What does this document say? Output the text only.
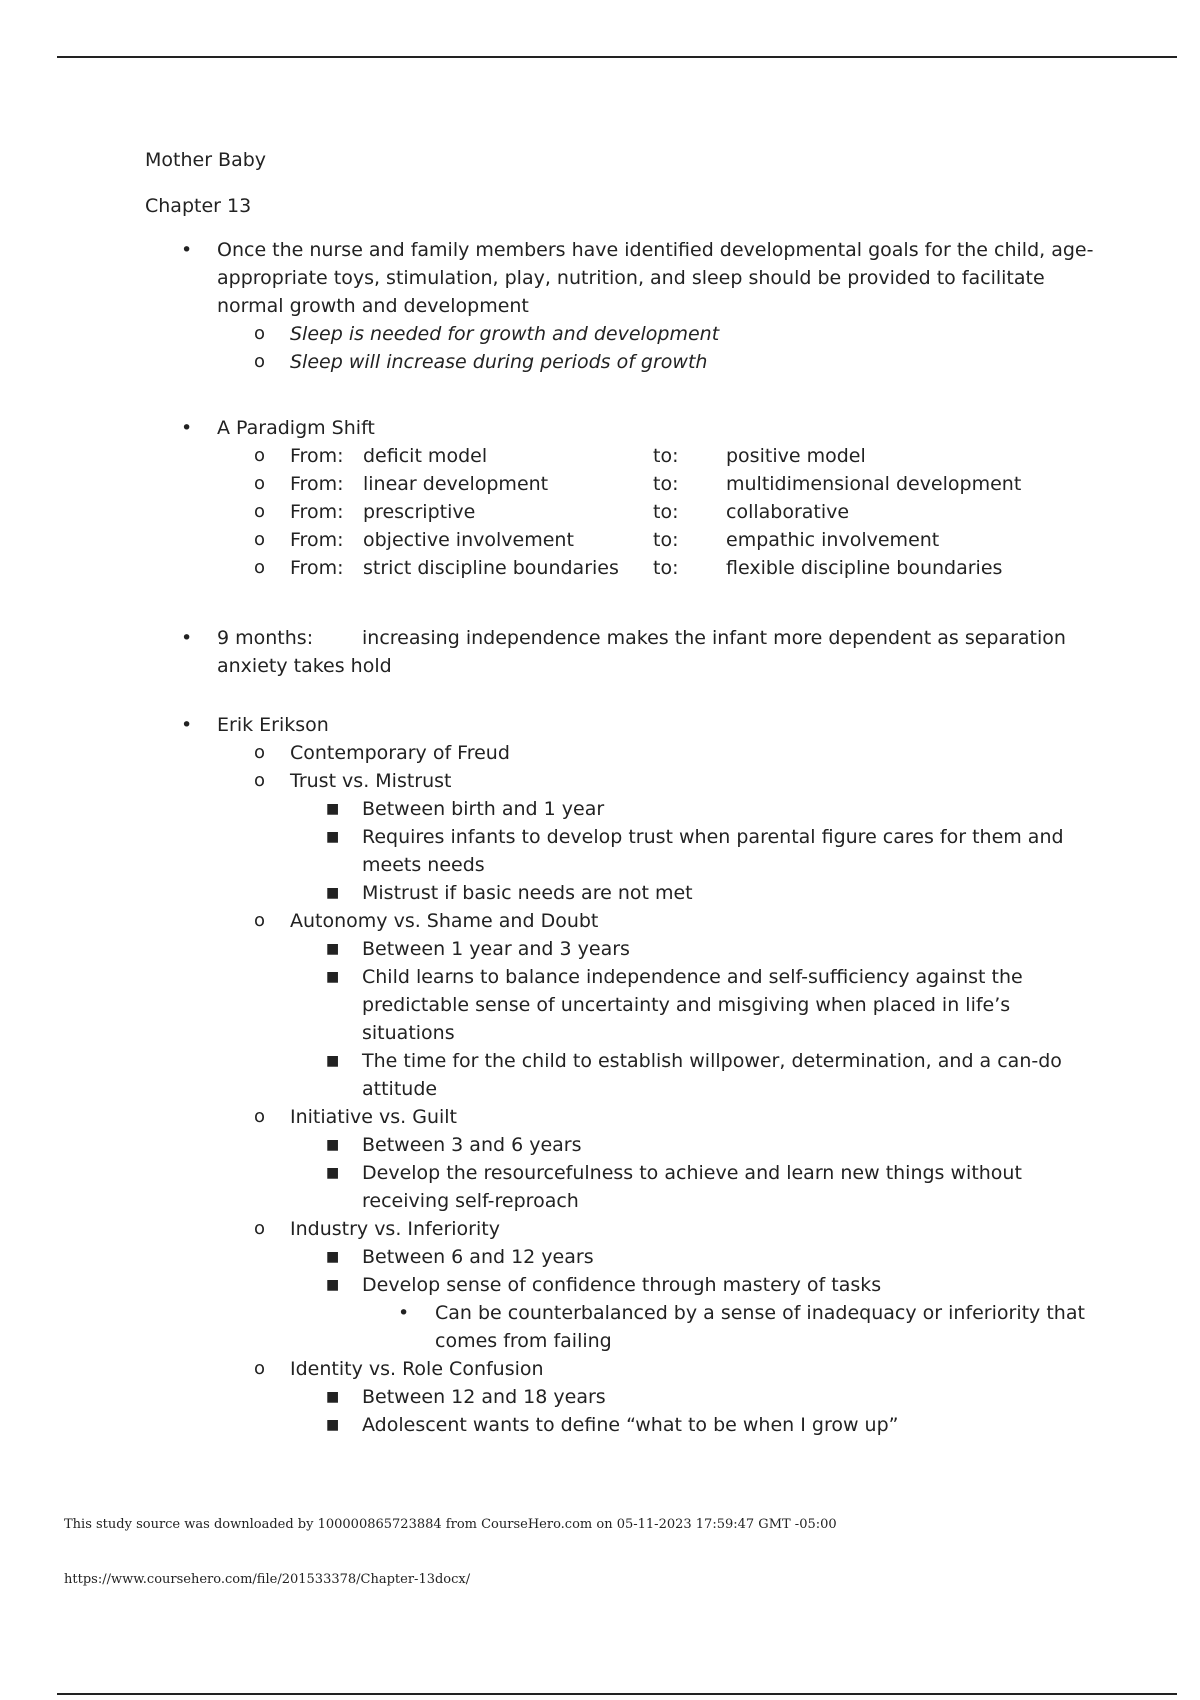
Mother Baby
Chapter 13
• Once the nurse and family members have identified developmental goals for the child, age-appropriate toys, stimulation, play, nutrition, and sleep should be provided to facilitate normal growth and development
o Sleep is needed for growth and development
o Sleep will increase during periods of growth
• A Paradigm Shift
o From:	deficit model	to:	positive model
o From:	linear development	to:	multidimensional development
o From:	prescriptive	to:	collaborative
o From:	objective involvement	to:	empathic involvement
o From:	strict discipline boundaries	to:	flexible discipline boundaries
• 9 months:	increasing independence makes the infant more dependent as separation
anxiety takes hold
• Erik Erikson
o Contemporary of Freud
o Trust vs. Mistrust
■ Between birth and 1 year
■ Requires infants to develop trust when parental figure cares for them and meets needs
■ Mistrust if basic needs are not met
o Autonomy vs. Shame and Doubt
■ Between 1 year and 3 years
■ Child learns to balance independence and self-sufficiency against the predictable sense of uncertainty and misgiving when placed in life’s situations
■ The time for the child to establish willpower, determination, and a can-do attitude
o Initiative vs. Guilt
■ Between 3 and 6 years
■ Develop the resourcefulness to achieve and learn new things without receiving self-reproach
o Industry vs. Inferiority
■ Between 6 and 12 years
■ Develop sense of confidence through mastery of tasks
• Can be counterbalanced by a sense of inadequacy or inferiority that comes from failing
o Identity vs. Role Confusion
■ Between 12 and 18 years
■ Adolescent wants to define “what to be when I grow up”
This study source was downloaded by 100000865723884 from CourseHero.com on 05-11-2023 17:59:47 GMT -05:00
https://www.coursehero.com/file/201533378/Chapter-13docx/
